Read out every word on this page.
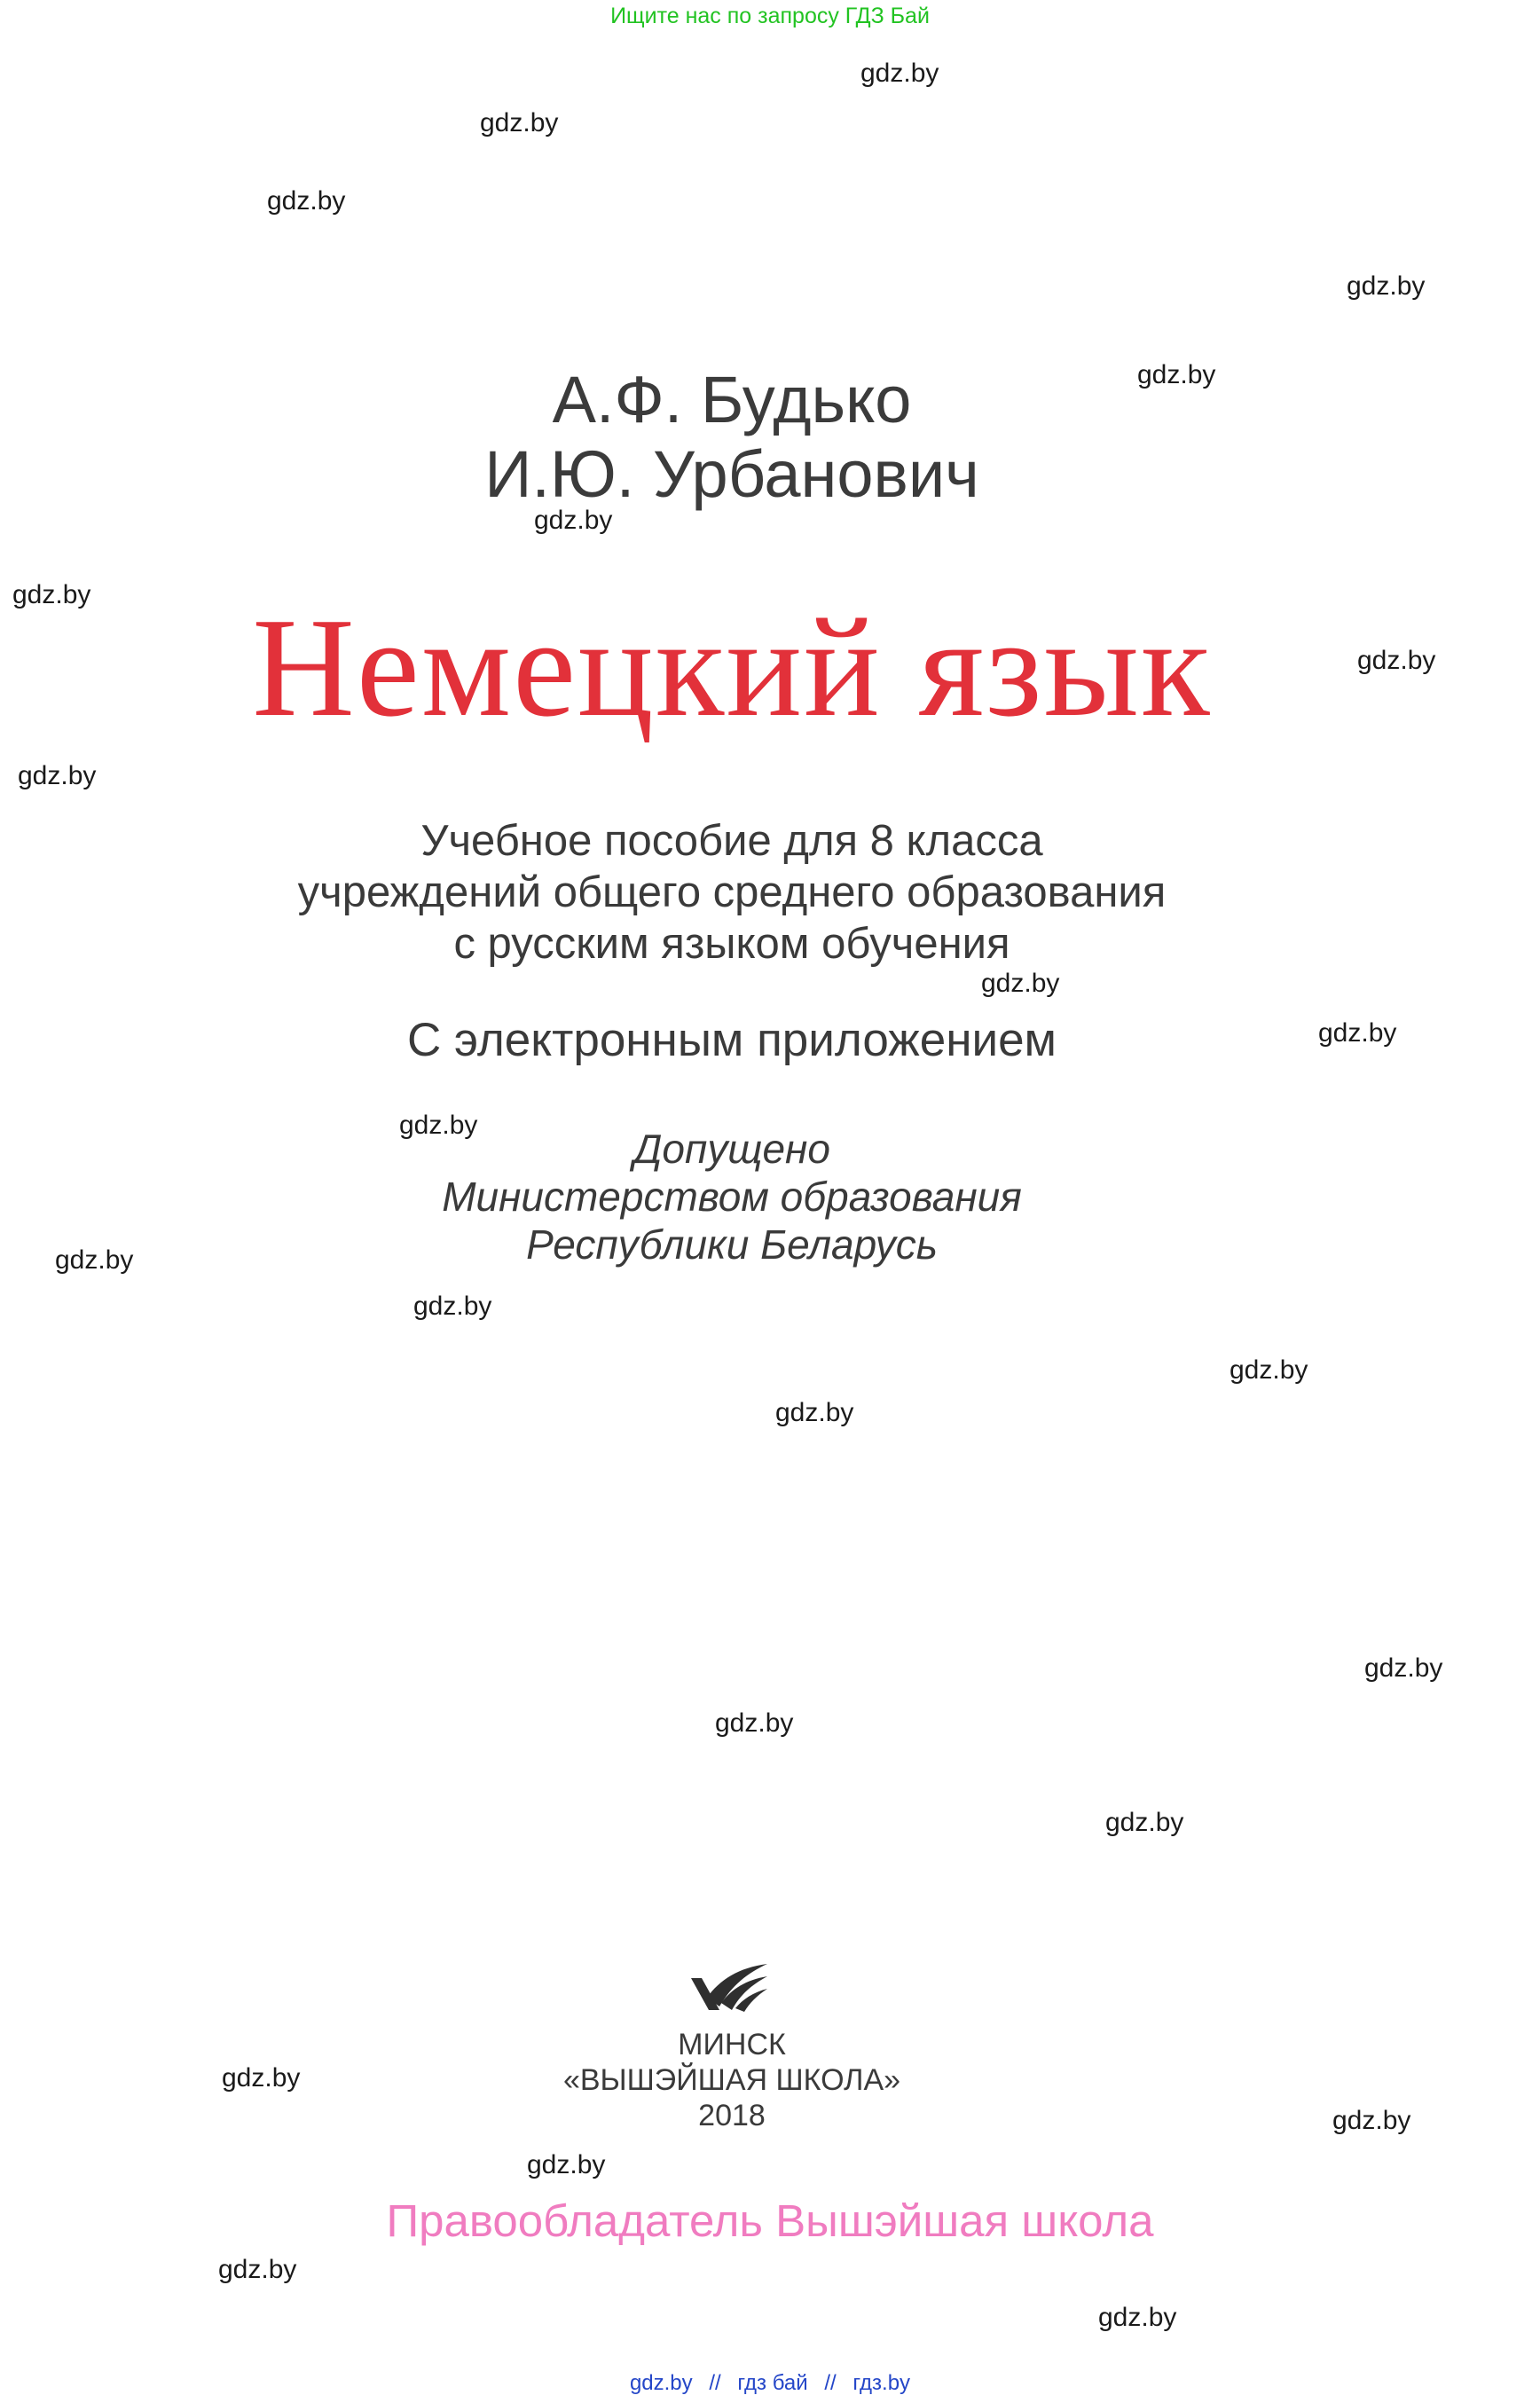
Ищите нас по запросу ГДЗ Бай
А.Ф. Будько
И.Ю. Урбанович
Немецкий язык
Учебное пособие для 8 класса
учреждений общего среднего образования
с русским языком обучения
С электронным приложением
Допущено
Министерством образования
Республики Беларусь
МИНСК
«ВЫШЭЙШАЯ ШКОЛА»
2018
Правообладатель Вышэйшая школа
gdz.by // гдз бай // гдз.by
gdz.by
gdz.by
gdz.by
gdz.by
gdz.by
gdz.by
gdz.by
gdz.by
gdz.by
gdz.by
gdz.by
gdz.by
gdz.by
gdz.by
gdz.by
gdz.by
gdz.by
gdz.by
gdz.by
gdz.by
gdz.by
gdz.by
gdz.by
gdz.by
